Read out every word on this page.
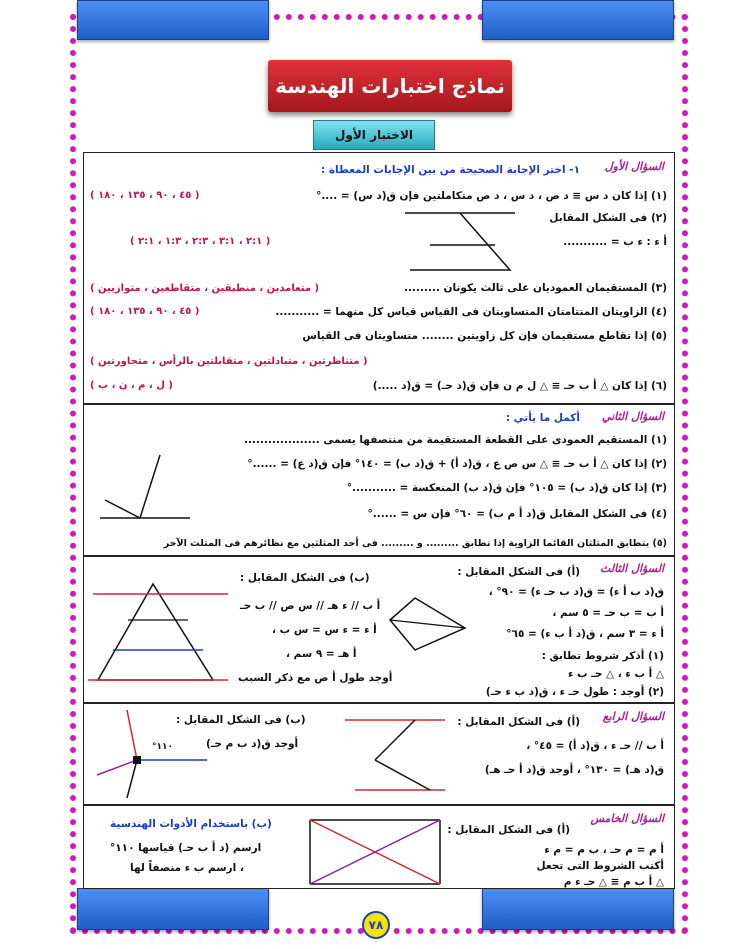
نماذج اختبارات الهندسة
الاختبار الأول
السؤال الأول
١- اختر الإجابة الصحيحة من بين الإجابات المعطاة :
(١) إذا كان د س ≡ د ص ، د س ، د ص متكاملتين فإن ق(د س) = ....°
(٢) فى الشكل المقابل
أ ء : ء ب = ...........
(٣) المستقيمان العموديان على ثالث يكونان .........
(٤) الزاويتان المتتامتان المتساويتان فى القياس قياس كل منهما = ...........
(٥) إذا تقاطع مستقيمان فإن كل زاويتين ........ متساويتان فى القياس
(٦) إذا كان △ أ ب حـ ≡ △ ل م ن فإن ق(د حـ) = ق(د .....)
( ٤٥ ، ٩٠ ، ١٣٥ ، ١٨٠ )
( ٢:١ ، ٣:١ ، ٢:٣ ، ١:٣ ، ٢:١ )
( متعامدين ، منطبقين ، متقاطعين ، متوازيين )
( ٤٥ ، ٩٠ ، ١٣٥ ، ١٨٠ )
( متناظرتين ، متبادلتين ، متقابلتين بالرأس ، متجاورتين )
( ل ، م ، ن ، ب )
السؤال الثاني
أكمل ما يأتي :
(١) المستقيم العمودى على القطعة المستقيمة من منتصفها يسمى ...................
(٢) إذا كان △ أ ب حـ ≡ △ س ص ع ، ق(د أ) + ق(د ب) = ١٤٠° فإن ق(د ع) = ......°
(٣) إذا كان ق(د ب) = ١٠٥° فإن ق(د ب) المنعكسة = ...........°
(٤) فى الشكل المقابل ق(د أ م ب) = ٦٠° فإن س = ......°
(٥) يتطابق المثلثان القائما الزاوية إذا تطابق ......... و ......... فى أحد المثلثين مع نظائرهم فى المثلث الآخر
السؤال الثالث
(أ) فى الشكل المقابل :
ق(د ب أ ء) = ق(د ب حـ ء) = ٩٠° ،
أ ب = ب حـ = ٥ سم ،
أ ء = ٣ سم ، ق(د أ ب ء) = ٦٥°
(١) أذكر شروط تطابق :
△ أ ب ء ، △ حـ ب ء
(٢) أوجد : طول حـ ء ، ق(د ب ء حـ)
(ب) فى الشكل المقابل :
أ ب // ء هـ // س ص // ب حـ
أ ء = ء س = س ب ،
أ هـ = ٩ سم ،
أوجد طول أ ص مع ذكر السبب
السؤال الرابع
(أ) فى الشكل المقابل :
أ ب // حـ ء ، ق(د أ) = ٤٥° ،
ق(د هـ) = ١٣٠° ، أوجد ق(د أ حـ هـ)
(ب) فى الشكل المقابل :
أوجد ق(د ب م حـ)
١١٠°
السؤال الخامس
(أ) فى الشكل المقابل :
أ م = م حـ ، ب م = م ء
أكتب الشروط التى تجعل
△ أ ب م ≡ △ حـ ء م
(ب) باستخدام الأدوات الهندسية
ارسم (د أ ب حـ) قياسها ١١٠°
، ارسم ب ء منصفاً لها
٧٨
